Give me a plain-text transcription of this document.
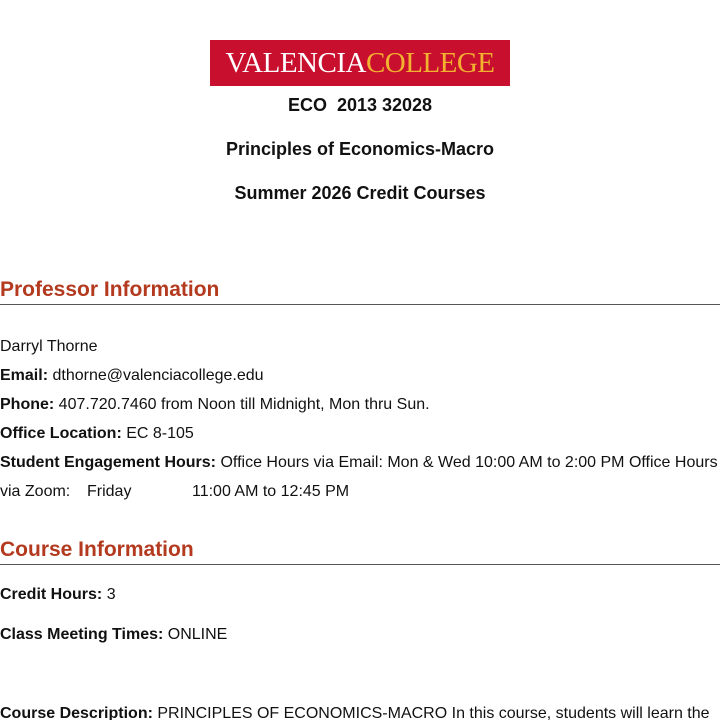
VALENCIA COLLEGE
ECO  2013 32028
Principles of Economics-Macro
Summer 2026 Credit Courses
Professor Information
Darryl Thorne
Email: dthorne@valenciacollege.edu
Phone: 407.720.7460 from Noon till Midnight, Mon thru Sun.
Office Location: EC 8-105
Student Engagement Hours: Office Hours via Email: Mon & Wed 10:00 AM to 2:00 PM Office Hours
via Zoom: Friday	11:00 AM to 12:45 PM
Course Information
Credit Hours: 3
Class Meeting Times: ONLINE
Course Description: PRINCIPLES OF ECONOMICS-MACRO In this course, students will learn the
